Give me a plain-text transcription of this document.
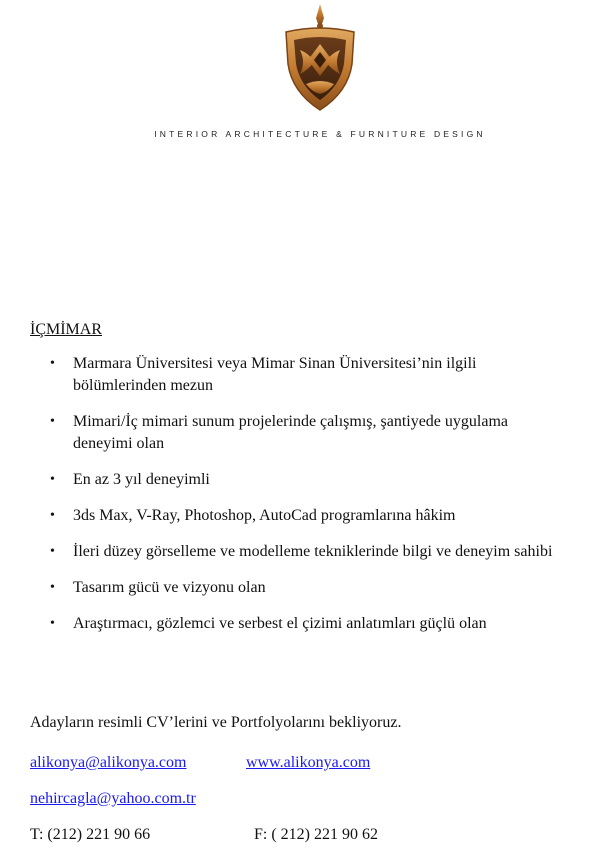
INTERIOR ARCHITECTURE & FURNITURE DESIGN
İÇMİMAR
• Marmara Üniversitesi veya Mimar Sinan Üniversitesi’nin ilgili bölümlerinden mezun
• Mimari/İç mimari sunum projelerinde çalışmış, şantiyede uygulama deneyimi olan
• En az 3 yıl deneyimli
• 3ds Max, V-Ray, Photoshop, AutoCad programlarına hâkim
• İleri düzey görselleme ve modelleme tekniklerinde bilgi ve deneyim sahibi
• Tasarım gücü ve vizyonu olan
• Araştırmacı, gözlemci ve serbest el çizimi anlatımları güçlü olan
Adayların resimli CV’lerini ve Portfolyolarını bekliyoruz.
alikonya@alikonya.com	www.alikonya.com
nehircagla@yahoo.com.tr
T: (212) 221 90 66	F: ( 212) 221 90 62
